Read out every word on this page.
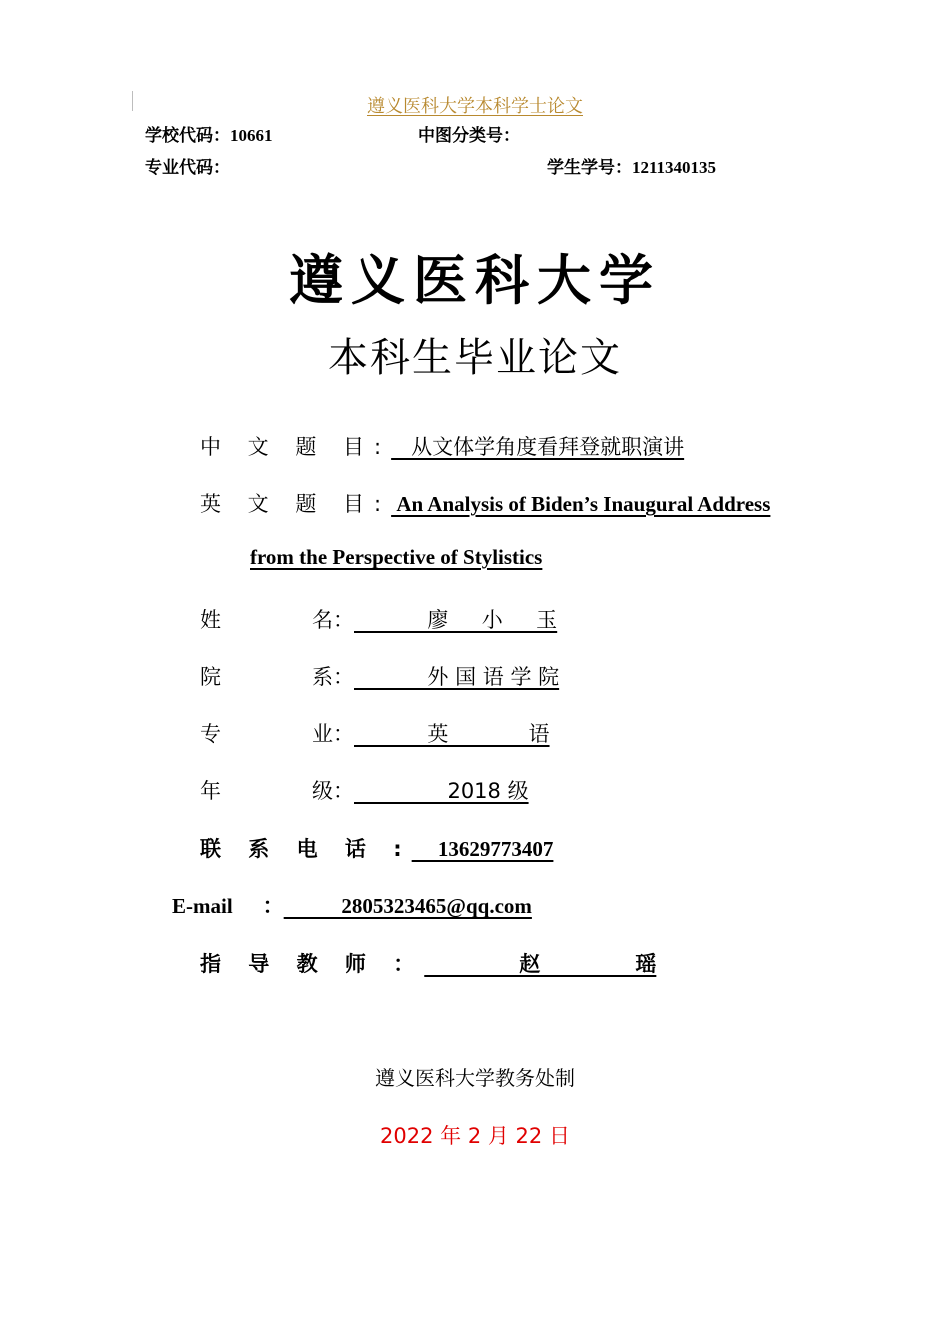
遵义医科大学本科学士论文
学校代码：10661	中图分类号：
专业代码：	学生学号：1211340135
遵义医科大学
本科生毕业论文
中 文 题 目:   从文体学角度看拜登就职演讲
英 文 题 目: An Analysis of Biden’s Inaugural Address
from the Perspective of Stylistics
姓	名：           廖     小     玉
院	系：           外 国 语 学 院
专	业：           英            语
年	级：              2018 级
联 系 电 话 :     13629773407
E-mail ：           2805323465@qq.com
指 导 教 师 ：             赵             瑶
遵义医科大学教务处制
2022 年 2 月 22 日
